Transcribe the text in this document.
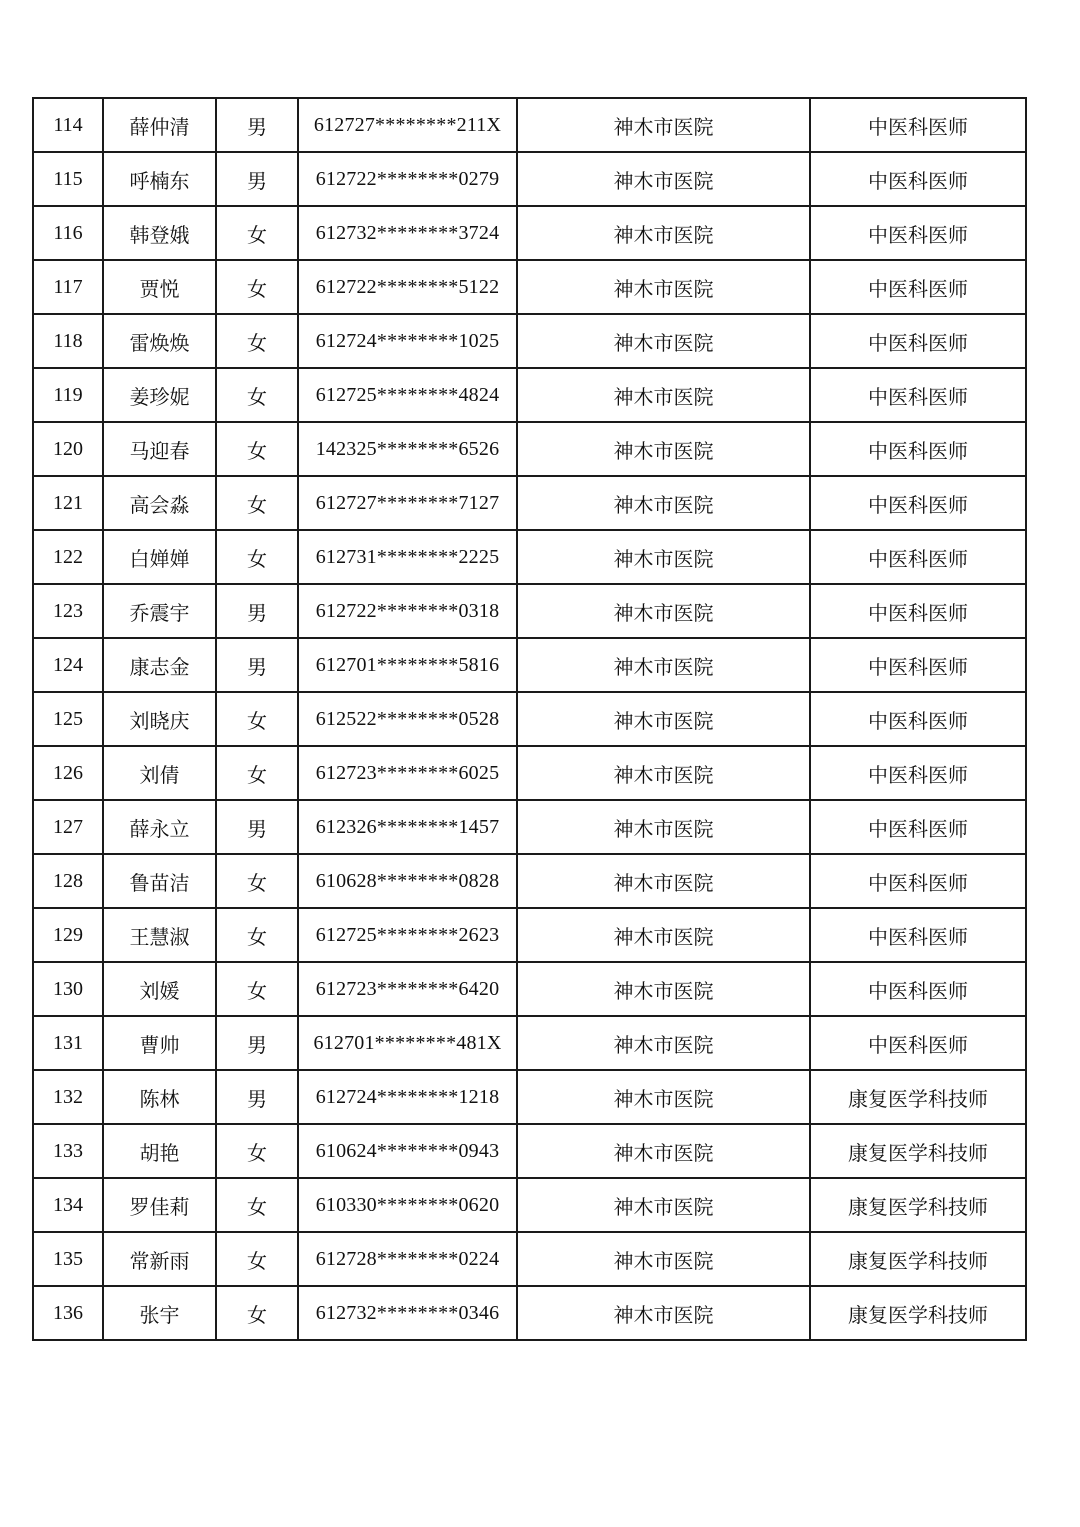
114	薛仲清	男	612727********211X	神木市医院	中医科医师
115	呼楠东	男	612722********0279	神木市医院	中医科医师
116	韩登娥	女	612732********3724	神木市医院	中医科医师
117	贾悦	女	612722********5122	神木市医院	中医科医师
118	雷焕焕	女	612724********1025	神木市医院	中医科医师
119	姜珍妮	女	612725********4824	神木市医院	中医科医师
120	马迎春	女	142325********6526	神木市医院	中医科医师
121	高会淼	女	612727********7127	神木市医院	中医科医师
122	白婵婵	女	612731********2225	神木市医院	中医科医师
123	乔震宇	男	612722********0318	神木市医院	中医科医师
124	康志金	男	612701********5816	神木市医院	中医科医师
125	刘晓庆	女	612522********0528	神木市医院	中医科医师
126	刘倩	女	612723********6025	神木市医院	中医科医师
127	薛永立	男	612326********1457	神木市医院	中医科医师
128	鲁苗洁	女	610628********0828	神木市医院	中医科医师
129	王慧淑	女	612725********2623	神木市医院	中医科医师
130	刘媛	女	612723********6420	神木市医院	中医科医师
131	曹帅	男	612701********481X	神木市医院	中医科医师
132	陈林	男	612724********1218	神木市医院	康复医学科技师
133	胡艳	女	610624********0943	神木市医院	康复医学科技师
134	罗佳莉	女	610330********0620	神木市医院	康复医学科技师
135	常新雨	女	612728********0224	神木市医院	康复医学科技师
136	张宇	女	612732********0346	神木市医院	康复医学科技师
